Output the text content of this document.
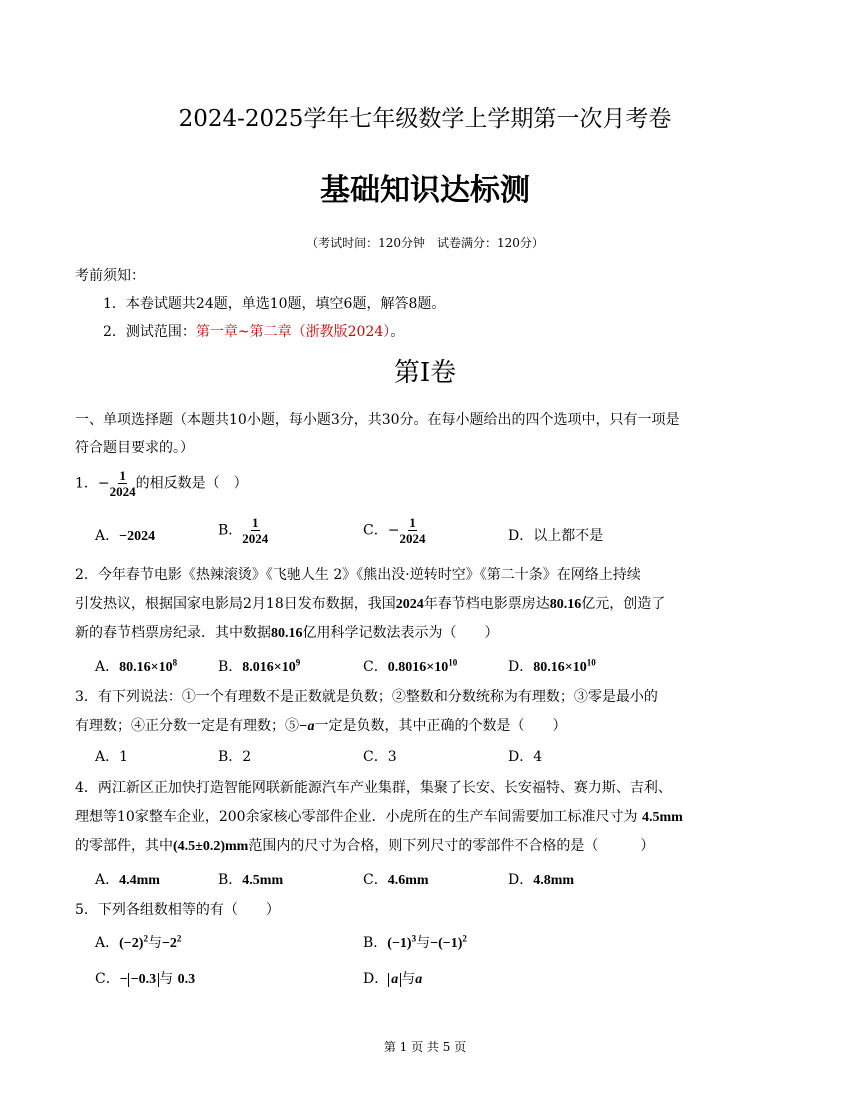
2024-2025学年七年级数学上学期第一次月考卷
基础知识达标测
（考试时间：120分钟　试卷满分：120分）
考前须知：
1．本卷试题共24题，单选10题，填空6题，解答8题。
2．测试范围：第一章~第二章（浙教版2024）。
第Ⅰ卷
一、单项选择题（本题共10小题，每小题3分，共30分。在每小题给出的四个选项中，只有一项是
符合题目要求的。）
1．− $\frac{1}{2024}$ 的相反数是（　）
A．−2024	B． $\frac{1}{2024}$	C．− $\frac{1}{2024}$	D．以上都不是
2．今年春节电影《热辣滚烫》《飞驰人生 2》《熊出没·逆转时空》《第二十条》在网络上持续
引发热议，根据国家电影局2月18日发布数据，我国2024年春节档电影票房达80.16亿元，创造了
新的春节档票房纪录．其中数据80.16亿用科学记数法表示为（　　）
A．$80.16\times 10^8$	B．$8.016\times 10^9$	C．$0.8016\times 10^{10}$	D．$80.16\times 10^{10}$
3．有下列说法：①一个有理数不是正数就是负数；②整数和分数统称为有理数；③零是最小的
有理数；④正分数一定是有理数；⑤−a一定是负数，其中正确的个数是（　　）
A．1	B．2	C．3	D．4
4．两江新区正加快打造智能网联新能源汽车产业集群，集聚了长安、长安福特、赛力斯、吉利、
理想等10家整车企业，200余家核心零部件企业．小虎所在的生产车间需要加工标准尺寸为 4.5mm
的零部件，其中(4.5±0.2)mm范围内的尺寸为合格，则下列尺寸的零部件不合格的是（　　　）
A．4.4mm	B．4.5mm	C．4.6mm	D．4.8mm
5．下列各组数相等的有（　　）
A．$(-2)^2$与$-2^2$	B．$(-1)^3$与$-(-1)^2$
C．− −0.3 与 0.3	D． a 与a
第 1 页 共 5 页
